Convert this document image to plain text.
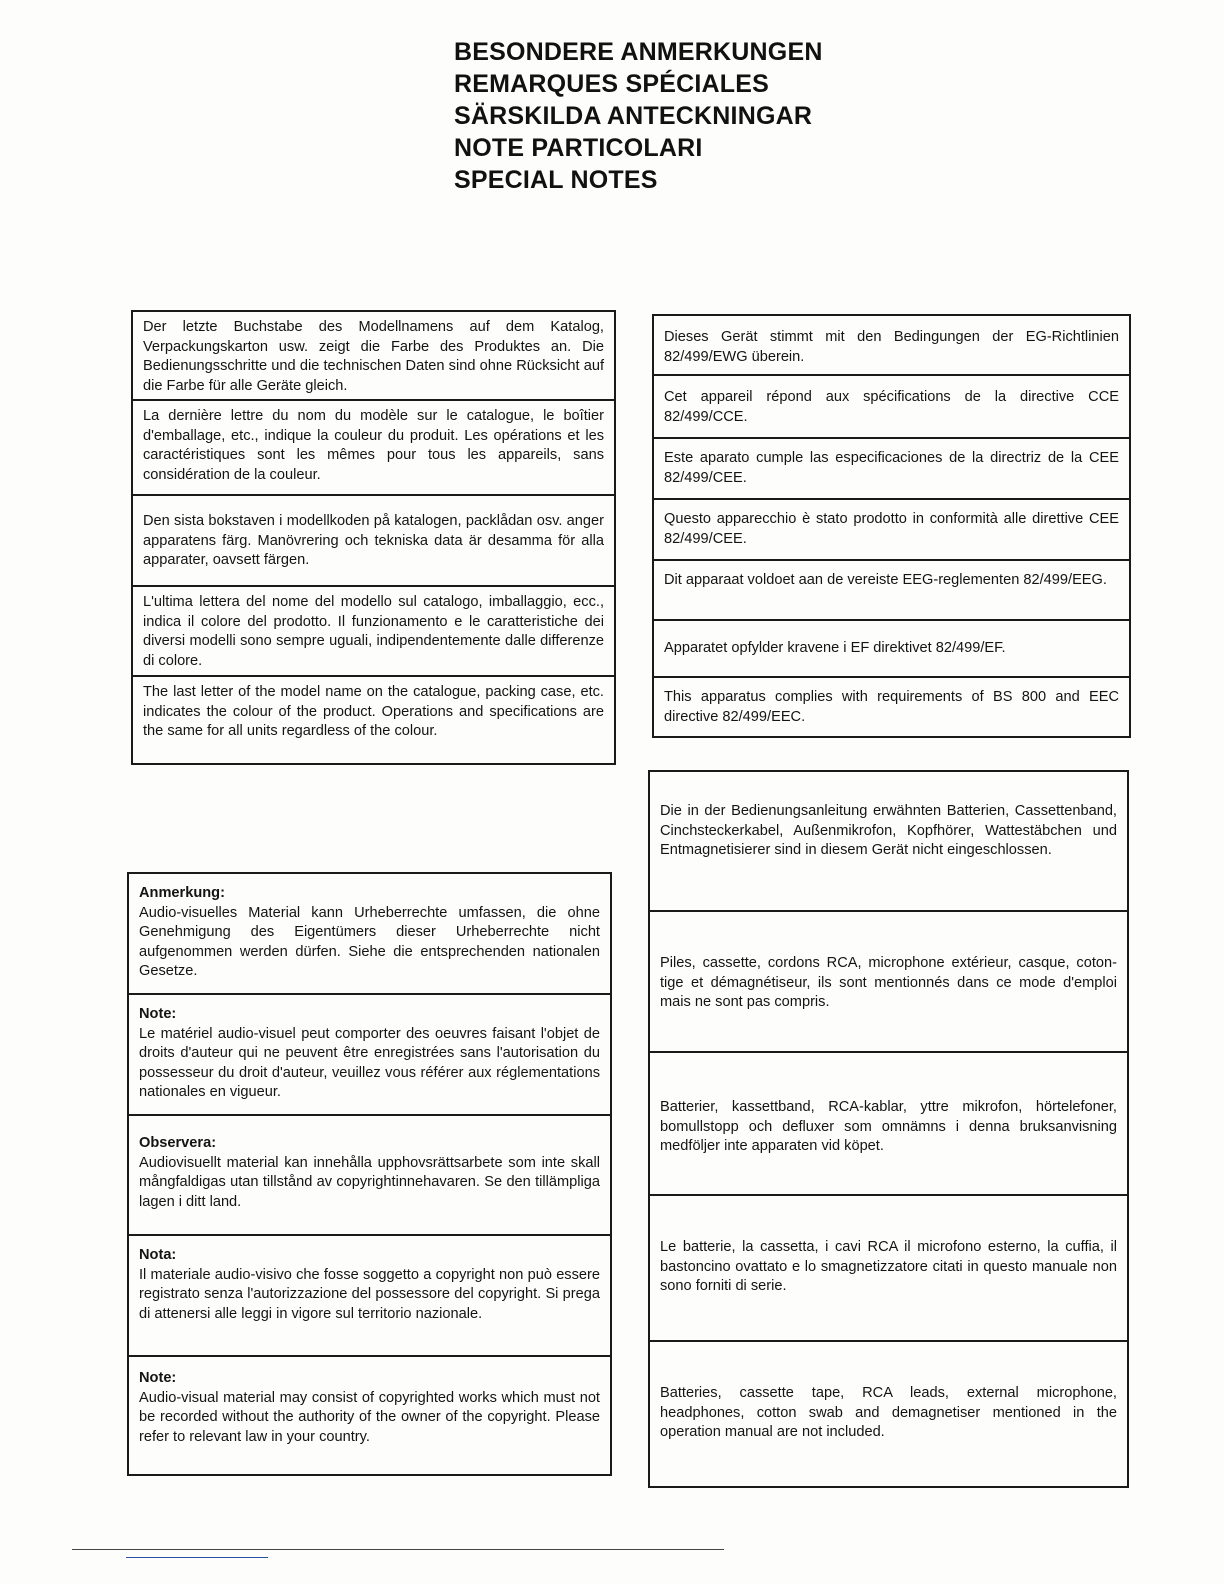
BESONDERE ANMERKUNGEN
REMARQUES SPÉCIALES
SÄRSKILDA ANTECKNINGAR
NOTE PARTICOLARI
SPECIAL NOTES
Der letzte Buchstabe des Modellnamens auf dem Katalog, Verpackungskarton usw. zeigt die Farbe des Produktes an. Die Bedienungsschritte und die technischen Daten sind ohne Rücksicht auf die Farbe für alle Geräte gleich.
La dernière lettre du nom du modèle sur le catalogue, le boîtier d'emballage, etc., indique la couleur du produit. Les opérations et les caractéristiques sont les mêmes pour tous les appareils, sans considération de la couleur.
Den sista bokstaven i modellkoden på katalogen, packlådan osv. anger apparatens färg. Manövrering och tekniska data är desamma för alla apparater, oavsett färgen.
L'ultima lettera del nome del modello sul catalogo, imballaggio, ecc., indica il colore del prodotto. Il funzionamento e le caratteristiche dei diversi modelli sono sempre uguali, indipendentemente dalle differenze di colore.
The last letter of the model name on the catalogue, packing case, etc. indicates the colour of the product. Operations and specifications are the same for all units regardless of the colour.
Dieses Gerät stimmt mit den Bedingungen der EG-Richtlinien 82/499/EWG überein.
Cet appareil répond aux spécifications de la directive CCE 82/499/CCE.
Este aparato cumple las especificaciones de la directriz de la CEE 82/499/CEE.
Questo apparecchio è stato prodotto in conformità alle direttive CEE 82/499/CEE.
Dit apparaat voldoet aan de vereiste EEG-reglementen 82/499/EEG.
Apparatet opfylder kravene i EF direktivet 82/499/EF.
This apparatus complies with requirements of BS 800 and EEC directive 82/499/EEC.
Anmerkung:
Audio-visuelles Material kann Urheberrechte umfassen, die ohne Genehmigung des Eigentümers dieser Urheberrechte nicht aufgenommen werden dürfen. Siehe die entsprechenden nationalen Gesetze.
Note:
Le matériel audio-visuel peut comporter des oeuvres faisant l'objet de droits d'auteur qui ne peuvent être enregistrées sans l'autorisation du possesseur du droit d'auteur, veuillez vous référer aux réglementations nationales en vigueur.
Observera:
Audiovisuellt material kan innehålla upphovsrättsarbete som inte skall mångfaldigas utan tillstånd av copyrightinnehavaren. Se den tillämpliga lagen i ditt land.
Nota:
Il materiale audio-visivo che fosse soggetto a copyright non può essere registrato senza l'autorizzazione del possessore del copyright. Si prega di attenersi alle leggi in vigore sul territorio nazionale.
Note:
Audio-visual material may consist of copyrighted works which must not be recorded without the authority of the owner of the copyright. Please refer to relevant law in your country.
Die in der Bedienungsanleitung erwähnten Batterien, Cassettenband, Cinchsteckerkabel, Außenmikrofon, Kopfhörer, Wattestäbchen und Entmagnetisierer sind in diesem Gerät nicht eingeschlossen.
Piles, cassette, cordons RCA, microphone extérieur, casque, coton-tige et démagnétiseur, ils sont mentionnés dans ce mode d'emploi mais ne sont pas compris.
Batterier, kassettband, RCA-kablar, yttre mikrofon, hörtelefoner, bomullstopp och defluxer som omnämns i denna bruksanvisning medföljer inte apparaten vid köpet.
Le batterie, la cassetta, i cavi RCA il microfono esterno, la cuffia, il bastoncino ovattato e lo smagnetizzatore citati in questo manuale non sono forniti di serie.
Batteries, cassette tape, RCA leads, external microphone, headphones, cotton swab and demagnetiser mentioned in the operation manual are not included.
